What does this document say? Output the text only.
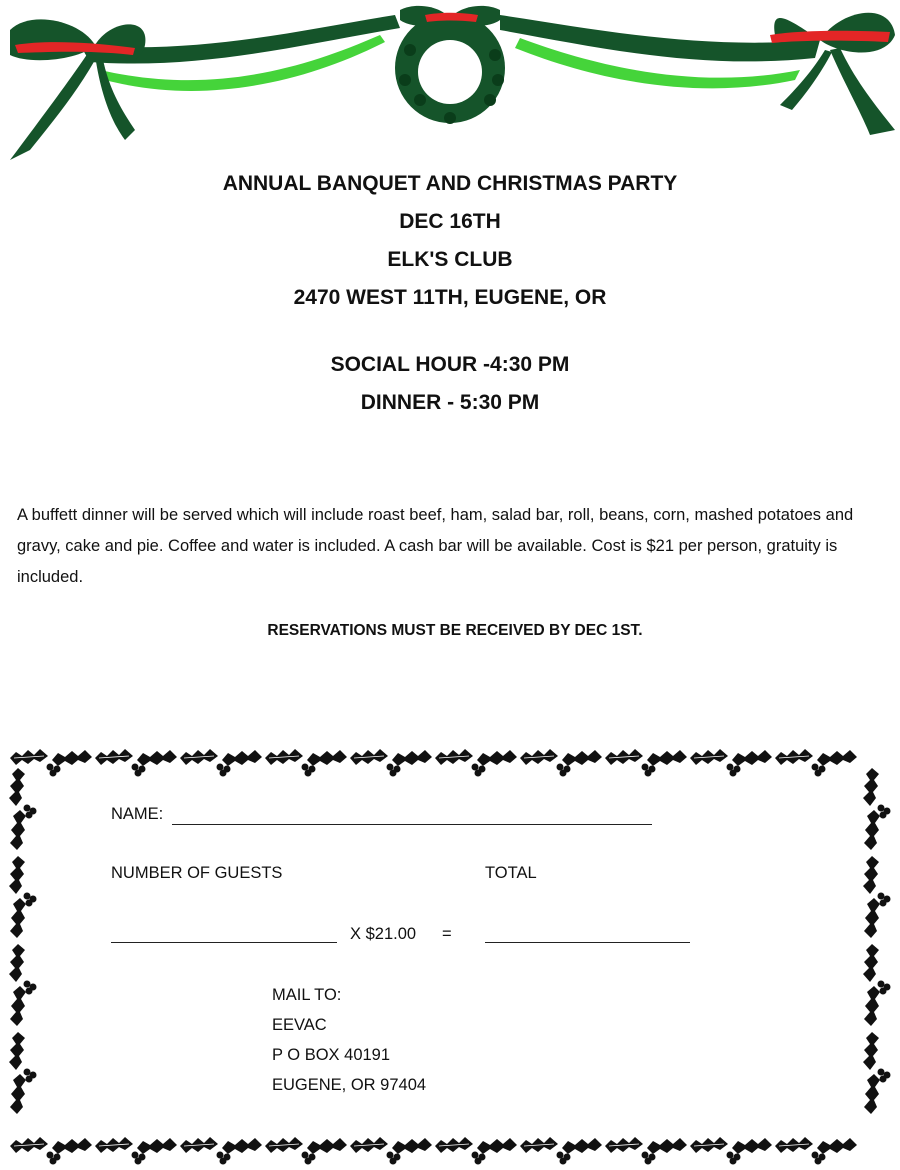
ANNUAL BANQUET AND CHRISTMAS PARTY

DEC 16TH

ELK'S CLUB

2470 WEST 11TH, EUGENE, OR

SOCIAL HOUR -4:30 PM

DINNER - 5:30 PM

A buffett dinner will be served which will include roast beef, ham, salad bar, roll, beans, corn, mashed potatoes and gravy, cake and pie. Coffee and water is included. A cash bar will be available. Cost is $21 per person, gratuity is included.

RESERVATIONS MUST BE RECEIVED BY DEC 1ST.

NAME:

NUMBER OF GUESTS	TOTAL

X $21.00 =

MAIL TO:

EEVAC

P O BOX 40191

EUGENE, OR 97404
